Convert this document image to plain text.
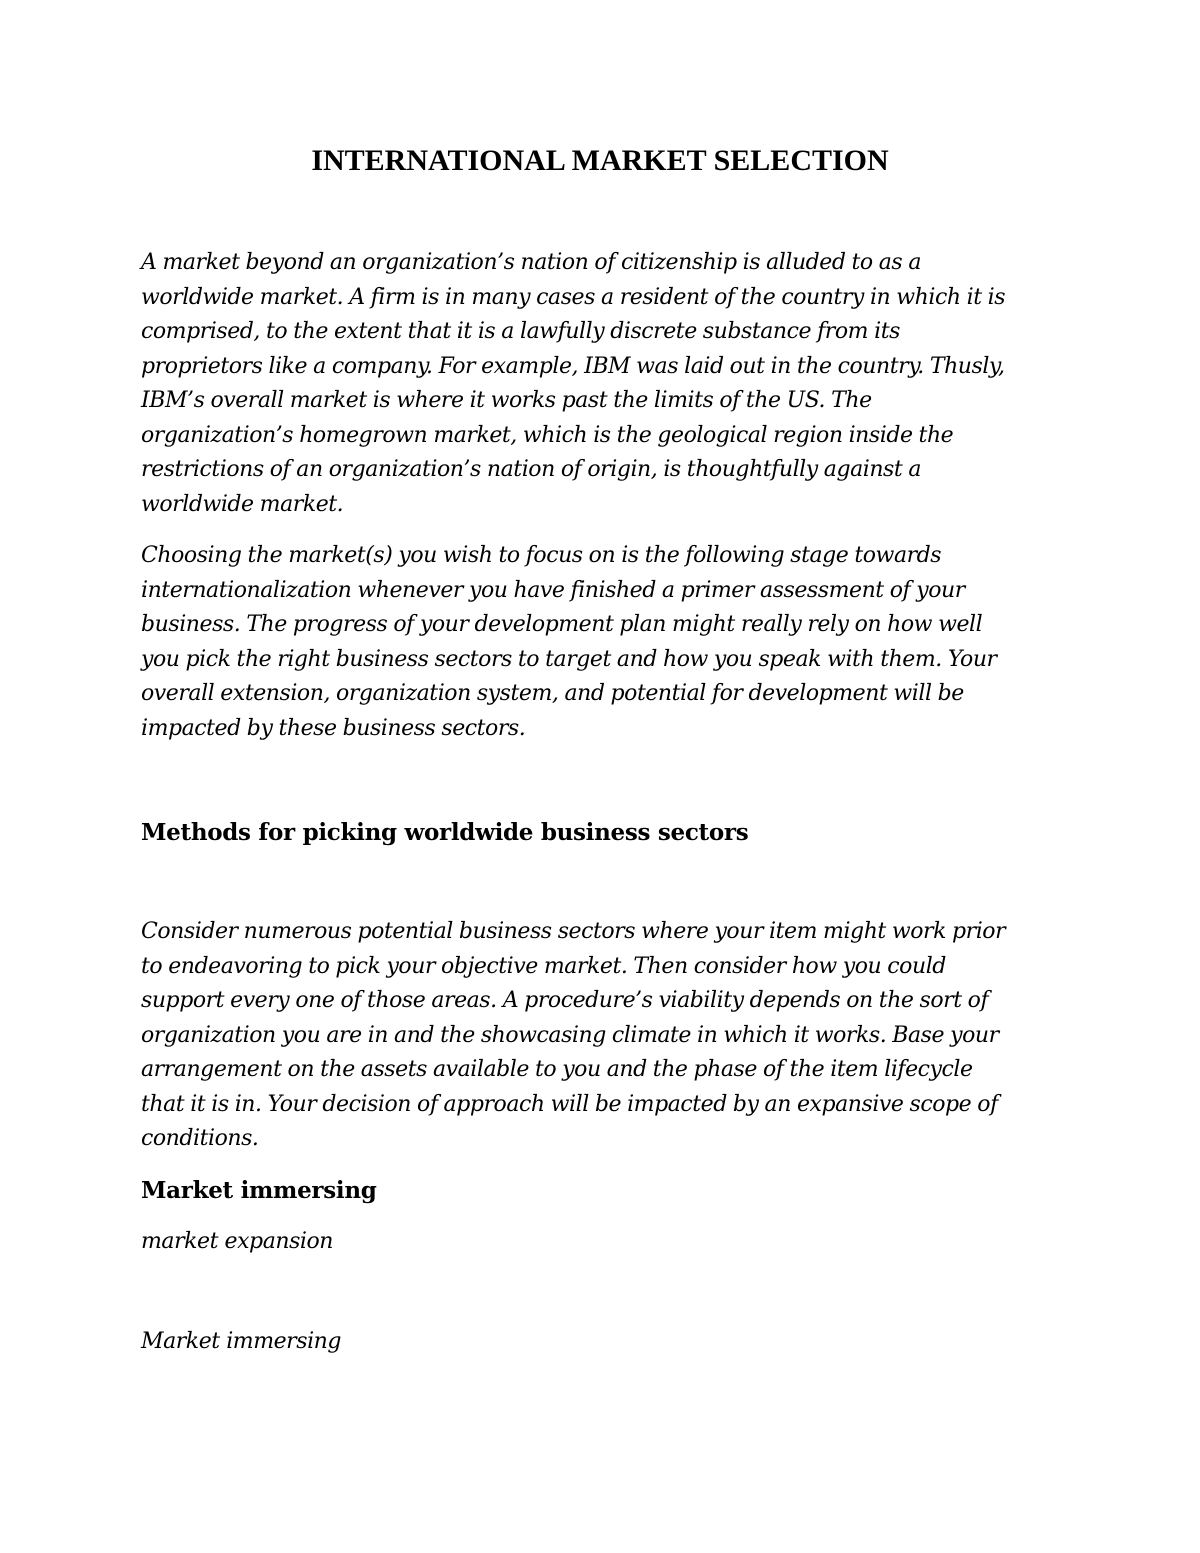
INTERNATIONAL MARKET SELECTION

A market beyond an organization’s nation of citizenship is alluded to as a
worldwide market. A firm is in many cases a resident of the country in which it is
comprised, to the extent that it is a lawfully discrete substance from its
proprietors like a company. For example, IBM was laid out in the country. Thusly,
IBM’s overall market is where it works past the limits of the US. The
organization’s homegrown market, which is the geological region inside the
restrictions of an organization’s nation of origin, is thoughtfully against a
worldwide market.

Choosing the market(s) you wish to focus on is the following stage towards
internationalization whenever you have finished a primer assessment of your
business. The progress of your development plan might really rely on how well
you pick the right business sectors to target and how you speak with them. Your
overall extension, organization system, and potential for development will be
impacted by these business sectors.

Methods for picking worldwide business sectors

Consider numerous potential business sectors where your item might work prior
to endeavoring to pick your objective market. Then consider how you could
support every one of those areas. A procedure’s viability depends on the sort of
organization you are in and the showcasing climate in which it works. Base your
arrangement on the assets available to you and the phase of the item lifecycle
that it is in. Your decision of approach will be impacted by an expansive scope of
conditions.

Market immersing

market expansion

Market immersing
